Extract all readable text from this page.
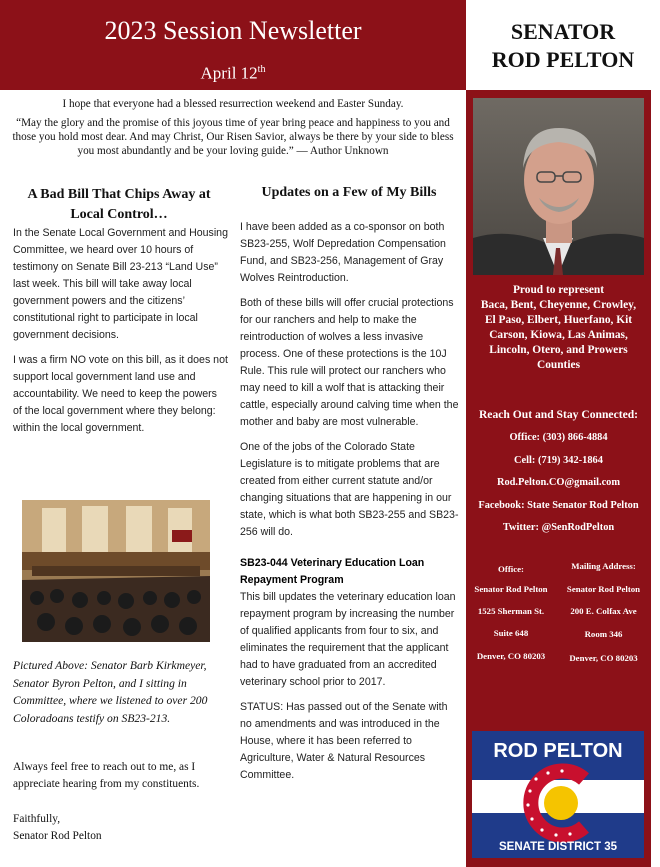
2023 Session Newsletter
April 12th
SENATOR
ROD PELTON
Proud to represent
Baca, Bent, Cheyenne, Crowley, El Paso, Elbert, Huerfano, Kit Carson, Kiowa, Las Animas, Lincoln, Otero, and Prowers Counties
Reach Out and Stay Connected:
Office: (303) 866-4884
Cell: (719) 342-1864
Rod.Pelton.CO@gmail.com
Facebook: State Senator Rod Pelton
Twitter: @SenRodPelton
Office:
Senator Rod Pelton
1525 Sherman St.
Suite 648
Denver, CO 80203
Mailing Address:
Senator Rod Pelton
200 E. Colfax Ave
Room 346
Denver, CO 80203
ROD PELTON
SENATE DISTRICT 35

I hope that everyone had a blessed resurrection weekend and Easter Sunday.

“May the glory and the promise of this joyous time of year bring peace and happiness to you and those you hold most dear. And may Christ, Our Risen Savior, always be there by your side to bless you most abundantly and be your loving guide.” — Author Unknown

A Bad Bill That Chips Away at
Local Control…

In the Senate Local Government and Housing Committee, we heard over 10 hours of testimony on Senate Bill 23-213 “Land Use” last week. This bill will take away local government powers and the citizens’ constitutional right to participate in local government decisions.

I was a firm NO vote on this bill, as it does not support local government land use and accountability. We need to keep the powers of the local government where they belong: within the local government.

Pictured Above: Senator Barb Kirkmeyer, Senator Byron Pelton, and I sitting in Committee, where we listened to over 200 Coloradoans testify on SB23-213.
Always feel free to reach out to me, as I appreciate hearing from my constituents.
Faithfully,
Senator Rod Pelton
Updates on a Few of My Bills

I have been added as a co-sponsor on both SB23-255, Wolf Depredation Compensation Fund, and SB23-256, Management of Gray Wolves Reintroduction.

Both of these bills will offer crucial protections for our ranchers and help to make the reintroduction of wolves a less invasive process. One of these protections is the 10J Rule. This rule will protect our ranchers who may need to kill a wolf that is attacking their cattle, especially around calving time when the mother and baby are most vulnerable.

One of the jobs of the Colorado State Legislature is to mitigate problems that are created from either current statute and/or changing situations that are happening in our state, which is what both SB23-255 and SB23-256 will do.

SB23-044 Veterinary Education Loan Repayment Program

This bill updates the veterinary education loan repayment program by increasing the number of qualified applicants from four to six, and eliminates the requirement that the applicant had to have graduated from an accredited veterinary school prior to 2017.

STATUS: Has passed out of the Senate with no amendments and was introduced in the House, where it has been referred to Agriculture, Water & Natural Resources Committee.
